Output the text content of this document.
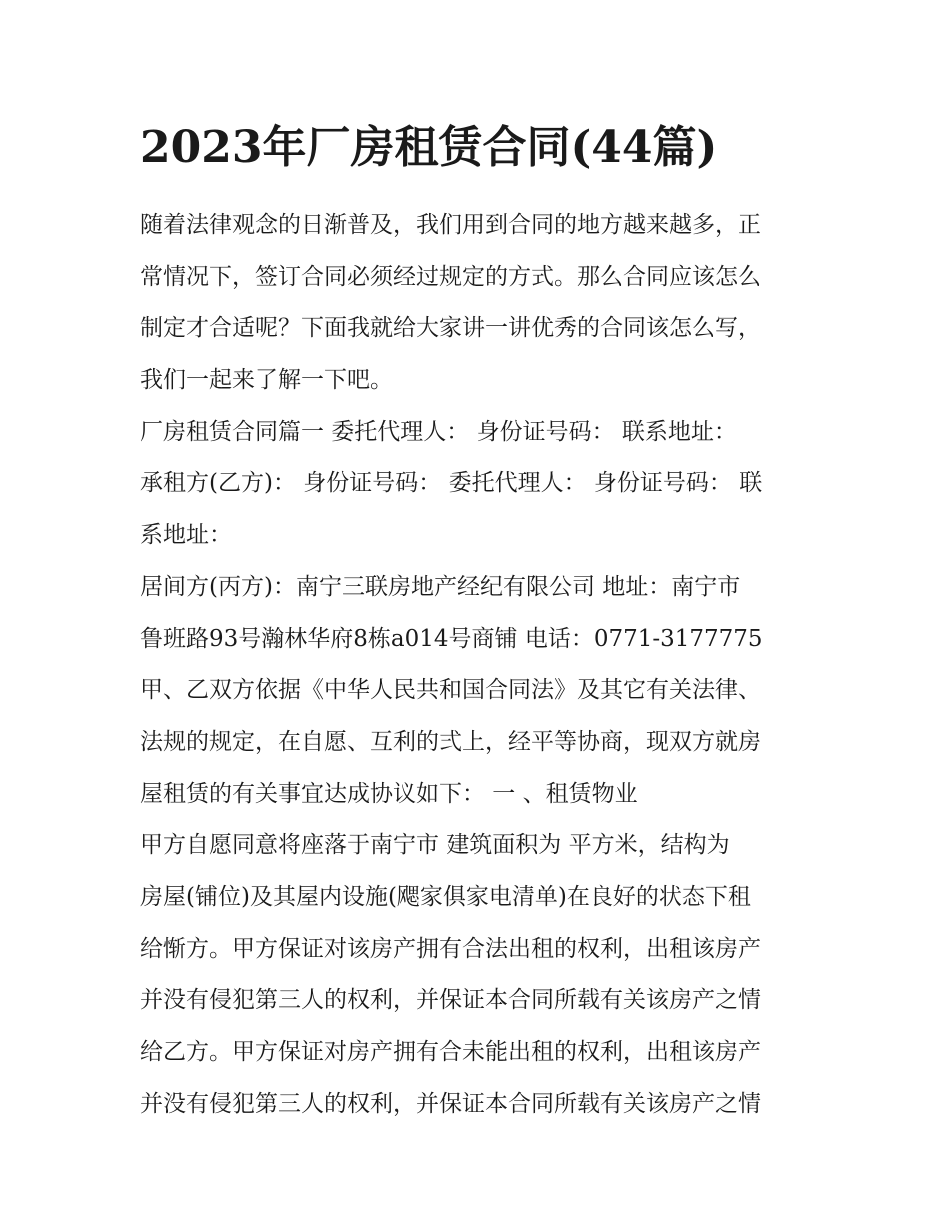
2023年厂房租赁合同(44篇)
随着法律观念的日渐普及，我们用到合同的地方越来越多，正
常情况下，签订合同必须经过规定的方式。那么合同应该怎么
制定才合适呢？下面我就给大家讲一讲优秀的合同该怎么写，
我们一起来了解一下吧。
厂房租赁合同篇一 委托代理人： 身份证号码： 联系地址：
承租方(乙方)： 身份证号码： 委托代理人： 身份证号码： 联
系地址：
居间方(丙方)：南宁三联房地产经纪有限公司 地址：南宁市
鲁班路93号瀚林华府8栋a014号商铺 电话：0771-3177775
甲、乙双方依据《中华人民共和国合同法》及其它有关法律、
法规的规定，在自愿、互利的弍上，经平等协商，现双方就房
屋租赁的有关事宜达成协议如下： 一 、租赁物业
甲方自愿同意将座落于南宁市 建筑面积为 平方米，结构为
房屋(铺位)及其屋内设施(飔家俱家电清单)在良好的状态下租
给惭方。甲方保证对该房产拥有合法出租的权利，出租该房产
并没有侵犯第三人的权利，并保证本合同所载有关该房产之情
给乙方。甲方保证对房产拥有合未能出租的权利，出租该房产
并没有侵犯第三人的权利，并保证本合同所载有关该房产之情
